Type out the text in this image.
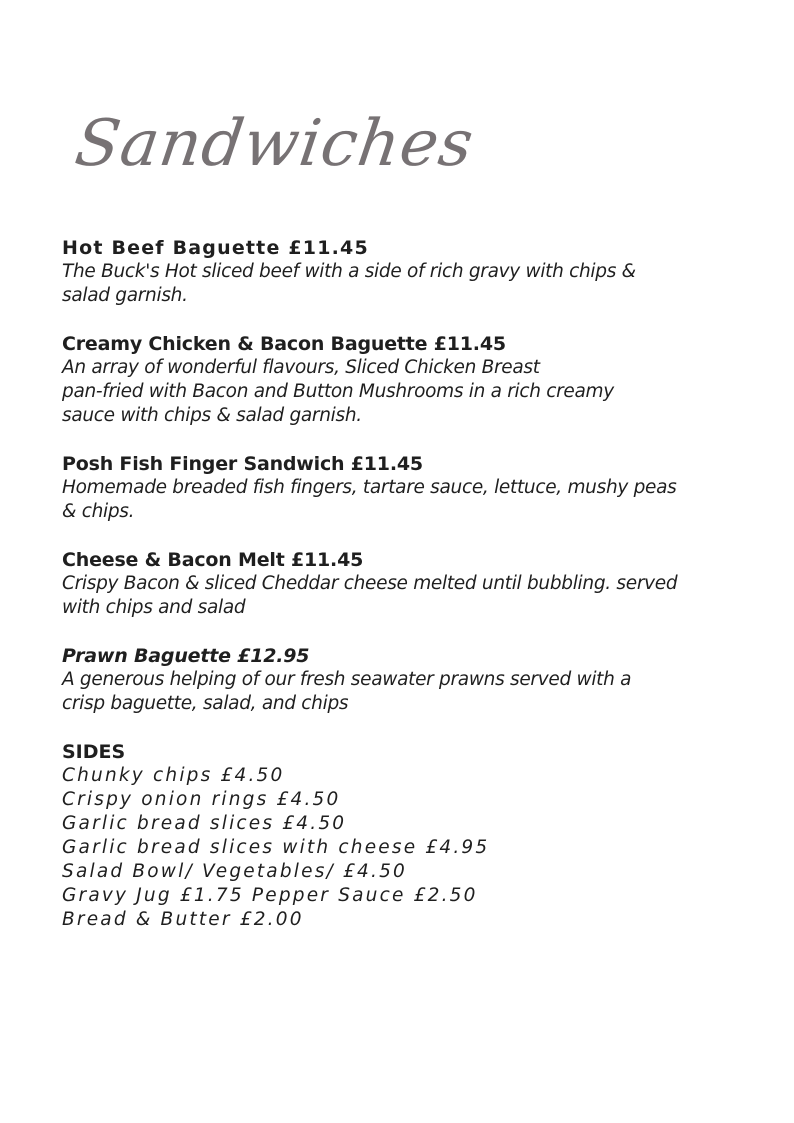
Sandwiches
Hot Beef Baguette £11.45
The Buck's Hot sliced beef with a side of rich gravy with chips &
salad garnish.
Creamy Chicken & Bacon Baguette £11.45
An array of wonderful flavours, Sliced Chicken Breast
pan-fried with Bacon and Button Mushrooms in a rich creamy
sauce with chips & salad garnish.
Posh Fish Finger Sandwich £11.45
Homemade breaded fish fingers, tartare sauce, lettuce, mushy peas
& chips.
Cheese & Bacon Melt £11.45
Crispy Bacon & sliced Cheddar cheese melted until bubbling. served
with chips and salad
Prawn Baguette £12.95
A generous helping of our fresh seawater prawns served with a
crisp baguette, salad, and chips
SIDES
Chunky chips £4.50
Crispy onion rings £4.50
Garlic bread slices £4.50
Garlic bread slices with cheese £4.95
Salad Bowl/ Vegetables/ £4.50
Gravy Jug £1.75 Pepper Sauce £2.50
Bread & Butter £2.00
